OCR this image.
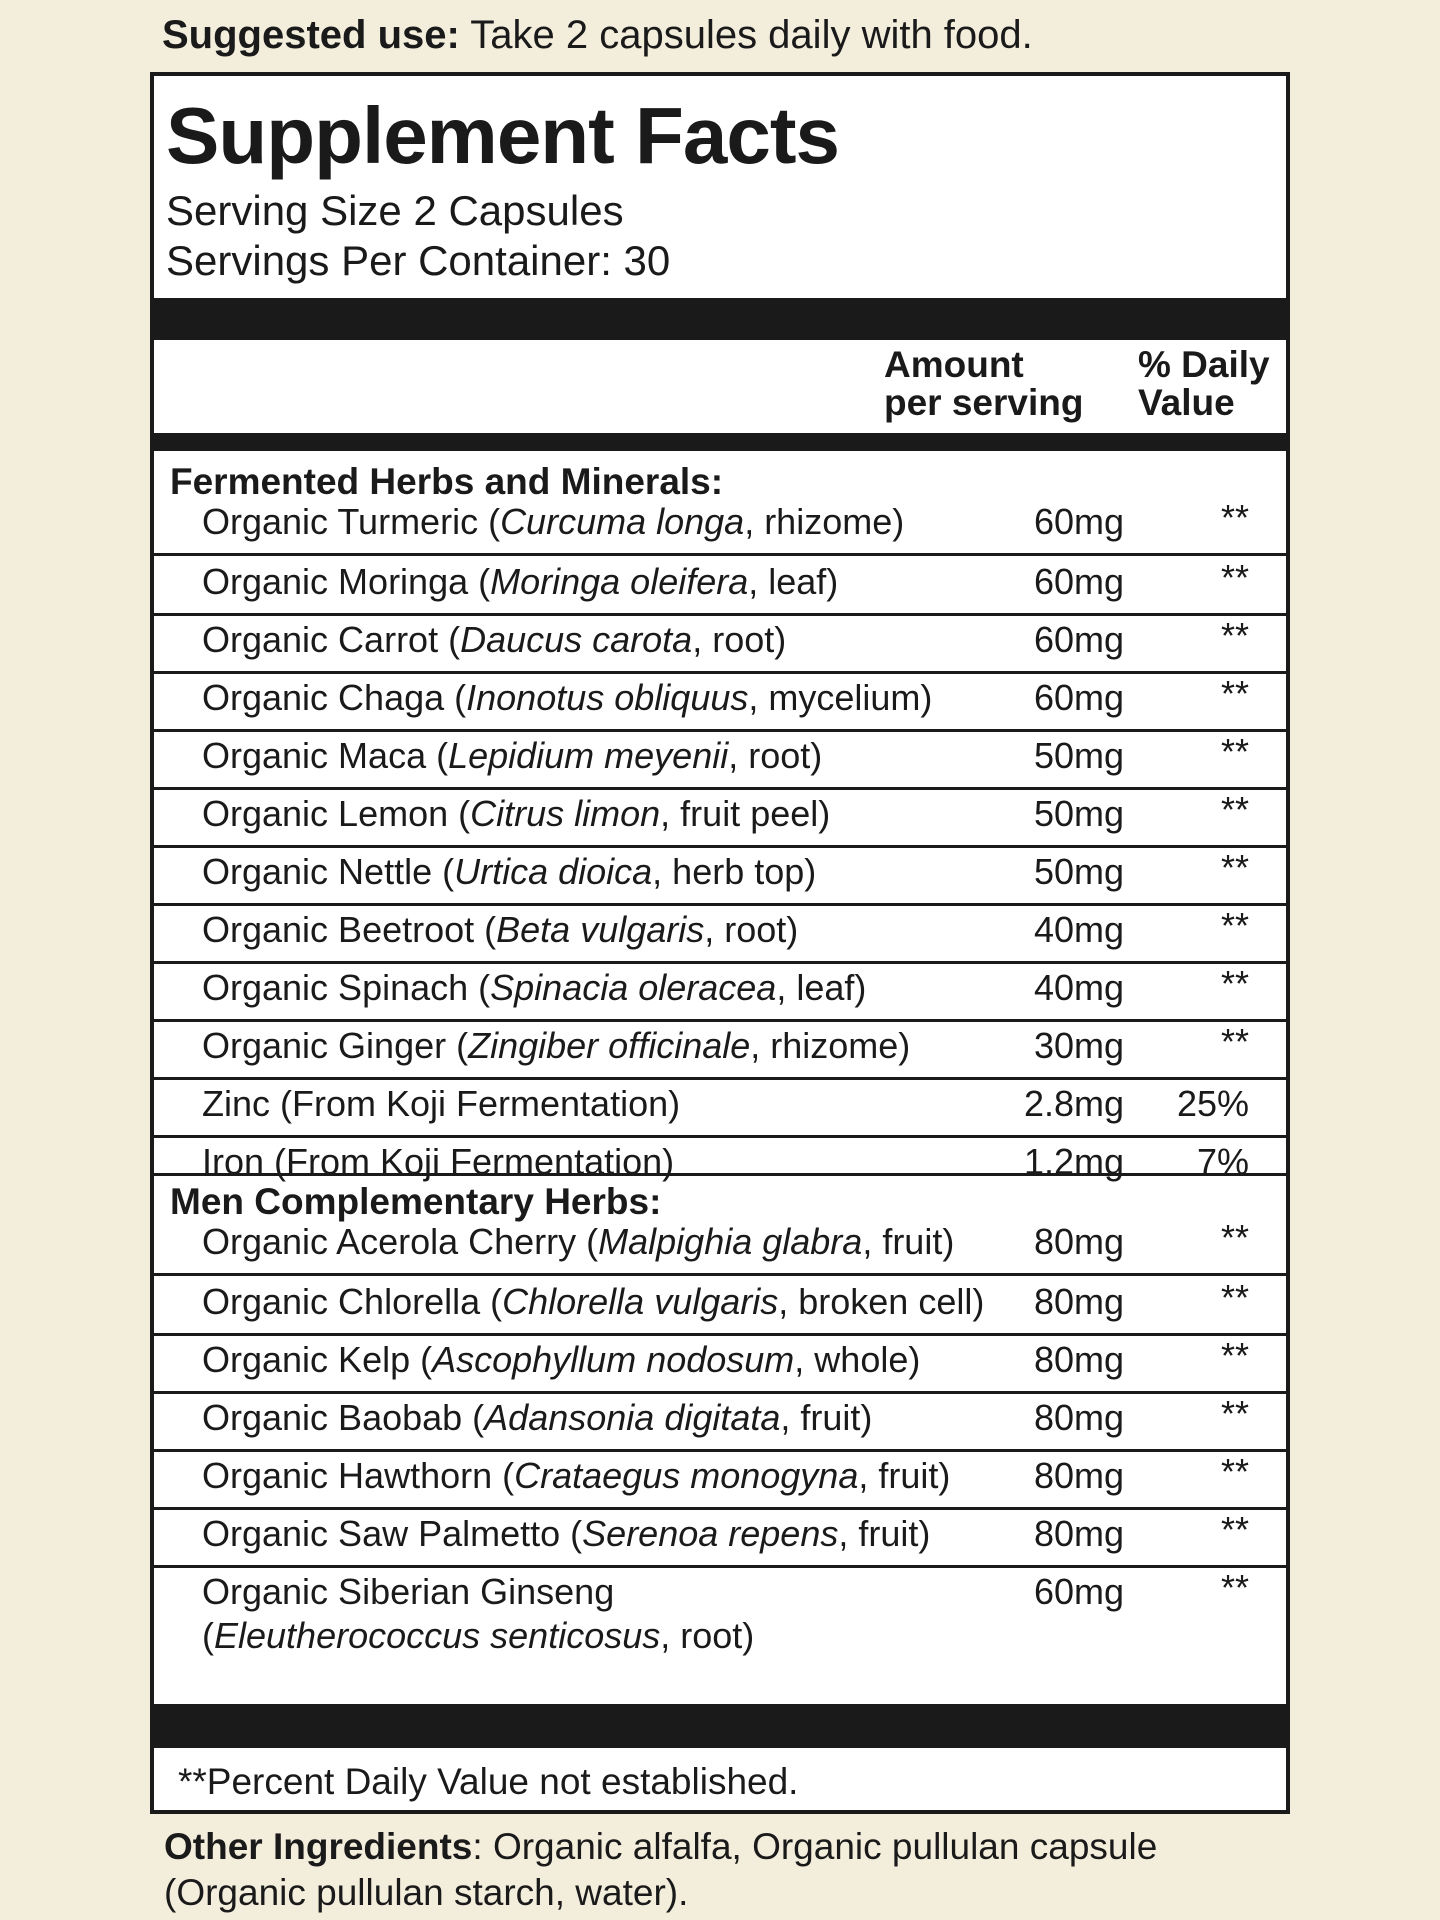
Suggested use: Take 2 capsules daily with food.
Supplement Facts
Serving Size 2 Capsules
Servings Per Container: 30
Amount
per serving
% Daily
Value
Fermented Herbs and Minerals:
Organic Turmeric (Curcuma longa, rhizome)	60mg	**
Organic Moringa (Moringa oleifera, leaf)	60mg	**
Organic Carrot (Daucus carota, root)	60mg	**
Organic Chaga (Inonotus obliquus, mycelium)	60mg	**
Organic Maca (Lepidium meyenii, root)	50mg	**
Organic Lemon (Citrus limon, fruit peel)	50mg	**
Organic Nettle (Urtica dioica, herb top)	50mg	**
Organic Beetroot (Beta vulgaris, root)	40mg	**
Organic Spinach (Spinacia oleracea, leaf)	40mg	**
Organic Ginger (Zingiber officinale, rhizome)	30mg	**
Zinc (From Koji Fermentation)	2.8mg	25%
Iron (From Koji Fermentation)	1.2mg	7%
Men Complementary Herbs:
Organic Acerola Cherry (Malpighia glabra, fruit)	80mg	**
Organic Chlorella (Chlorella vulgaris, broken cell)	80mg	**
Organic Kelp (Ascophyllum nodosum, whole)	80mg	**
Organic Baobab (Adansonia digitata, fruit)	80mg	**
Organic Hawthorn (Crataegus monogyna, fruit)	80mg	**
Organic Saw Palmetto (Serenoa repens, fruit)	80mg	**
Organic Siberian Ginseng
(Eleutherococcus senticosus, root)
60mg	**
**Percent Daily Value not established.
Other Ingredients: Organic alfalfa, Organic pullulan capsule (Organic pullulan starch, water).
